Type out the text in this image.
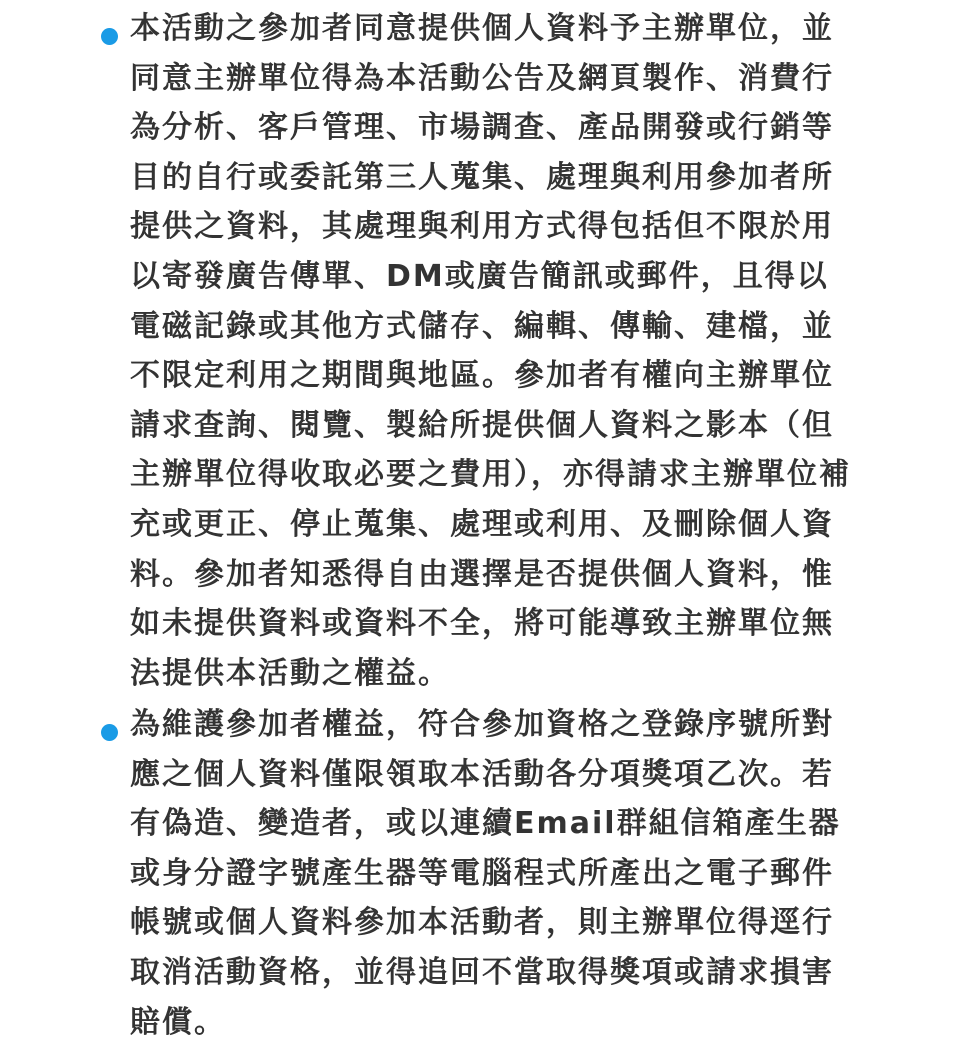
本活動之參加者同意提供個人資料予主辦單位，並同意主辦單位得為本活動公告及網頁製作、消費行為分析、客戶管理、市場調查、產品開發或行銷等目的自行或委託第三人蒐集、處理與利用參加者所提供之資料，其處理與利用方式得包括但不限於用以寄發廣告傳單、DM或廣告簡訊或郵件，且得以電磁記錄或其他方式儲存、編輯、傳輸、建檔，並不限定利用之期間與地區。參加者有權向主辦單位請求查詢、閱覽、製給所提供個人資料之影本（但主辦單位得收取必要之費用），亦得請求主辦單位補充或更正、停止蒐集、處理或利用、及刪除個人資料。參加者知悉得自由選擇是否提供個人資料，惟如未提供資料或資料不全，將可能導致主辦單位無法提供本活動之權益。

為維護參加者權益，符合參加資格之登錄序號所對應之個人資料僅限領取本活動各分項獎項乙次。若有偽造、變造者，或以連續Email群組信箱產生器或身分證字號產生器等電腦程式所產出之電子郵件帳號或個人資料參加本活動者，則主辦單位得逕行取消活動資格，並得追回不當取得獎項或請求損害賠償。
